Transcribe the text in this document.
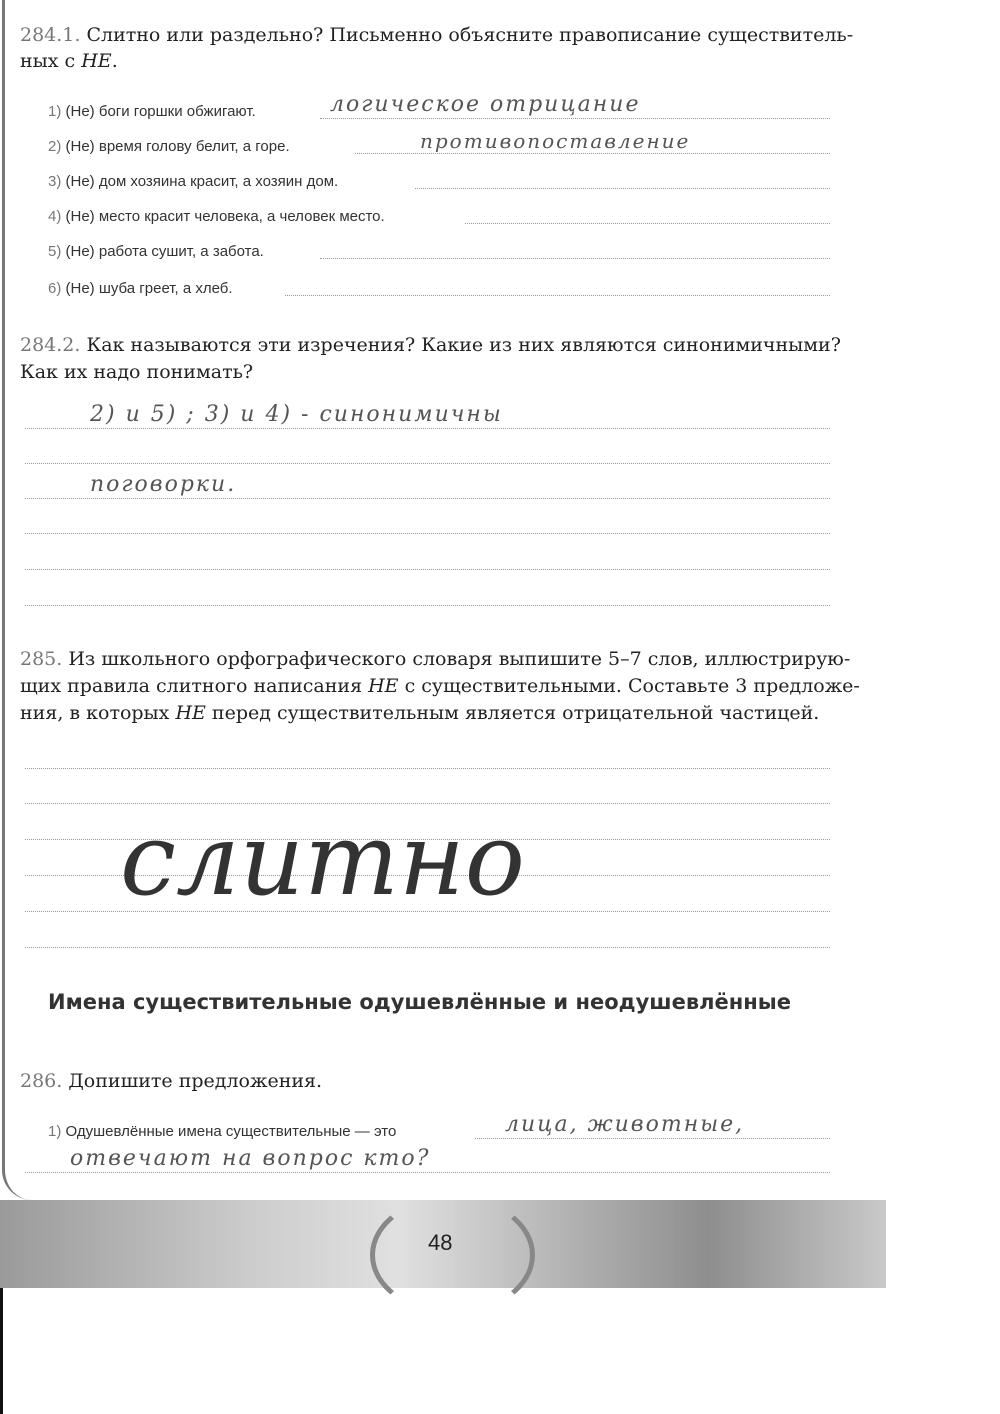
284.1. Слитно или раздельно? Письменно объясните правописание существитель-
ных с НЕ.
1) (Не) боги горшки обжигают.
2) (Не) время голову белит, а горе.
3) (Не) дом хозяина красит, а хозяин дом.
4) (Не) место красит человека, а человек место.
5) (Не) работа сушит, а забота.
6) (Не) шуба греет, а хлеб.
логическое отрицание
противопоставление
284.2. Как называются эти изречения? Какие из них являются синонимичными?
Как их надо понимать?
2) и 5) ; 3) и 4) - синонимичны
поговорки.
285. Из школьного орфографического словаря выпишите 5–7 слов, иллюстрирую-
щих правила слитного написания НЕ с существительными. Составьте 3 предложе-
ния, в которых НЕ перед существительным является отрицательной частицей.
слитно
Имена существительные одушевлённые и неодушевлённые
286. Допишите предложения.
1) Одушевлённые имена существительные — это	лица, животные,
отвечают на вопрос кто?
48
